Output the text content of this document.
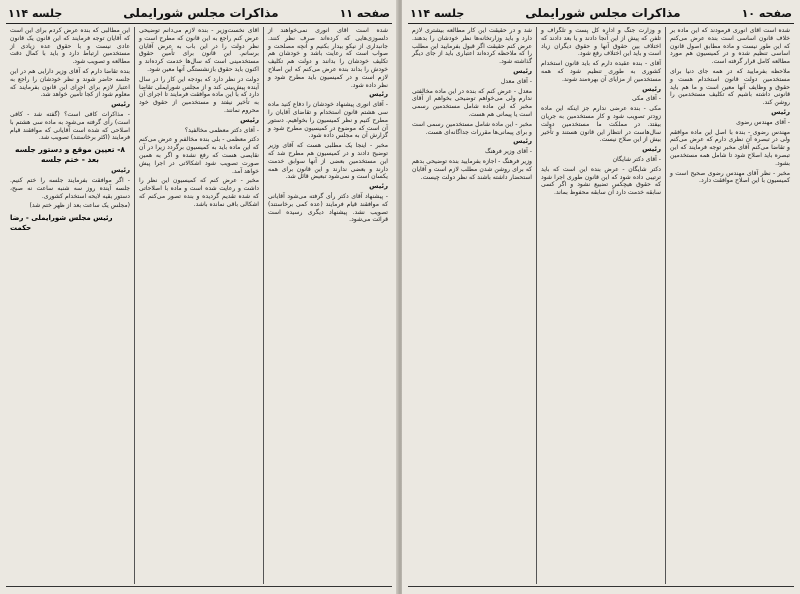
جلسه ۱۱۴	مذاکرات مجلس شورایملی	صفحه ۱۱

شده است آقای انوری نمی‌خواهند از دلسوزی‌هایی که کرده‌اند صرف نظر کنند. جانبداری از نیکو بیدار بکنیم و آنچه مصلحت و صواب است که رعایت باشد و خودشان هم تکلیف خودشان را بدانند و دولت هم تکلیف خودش را بداند بنده عرض می‌کنم که این اصلاح لازم است و در کمیسیون باید مطرح شود و نظر داده شود.

رئیس

- آقای انوری پیشنهاد خودشان را دفاع کنید ماده سی هشتم قانون استخدام و تقاضای آقایان را مطرح کنیم و نظر کمیسیون را بخواهیم. دستور آن است که موضوع در کمیسیون مطرح شود و گزارش آن به مجلس داده شود.

مخبر - اینجا یک مطلبی هست که آقای وزیر توضیح دادند و در کمیسیون هم مطرح شد که این مستخدمین بعضی از آنها سوابق خدمت دارند و بعضی ندارند و این قانون برای همه یکسان است و نمی‌شود تبعیض قائل شد.

رئیس

- پیشنهاد آقای دکتر رأی گرفته می‌شود آقایانی که موافقند قیام فرمایند (عده کمی برخاستند) تصویب نشد. پیشنهاد دیگری رسیده است قرائت می‌شود.

آقای نخست‌وزیر - بنده لازم می‌دانم توضیحی عرض کنم راجع به این قانون که مطرح است و نظر دولت را در این باب به عرض آقایان برسانم. این قانون برای تأمین حقوق مستخدمینی است که سال‌ها خدمت کرده‌اند و اکنون باید حقوق بازنشستگی آنها معین شود.

دولت در نظر دارد که بودجه این کار را در سال آینده پیش‌بینی کند و از مجلس شورایملی تقاضا دارد که با این ماده موافقت فرمایند تا اجرای آن به تأخیر نیفتد و مستخدمین از حقوق خود محروم نمانند.

رئیس

- آقای دکتر معظمی مخالفید؟

دکتر معظمی - بلی بنده مخالفم و عرض می‌کنم که این ماده باید به کمیسیون برگردد زیرا در آن نقایصی هست که رفع نشده و اگر به همین صورت تصویب شود اشکالاتی در اجرا پیش خواهد آمد.

مخبر - عرض کنم که کمیسیون این نظر را داشت و رعایت شده است و ماده با اصلاحاتی که شده تقدیم گردیده و بنده تصور می‌کنم که اشکالی باقی نمانده باشد.

این مطالبی که بنده عرض کردم برای این است که آقایان توجه فرمایند که این قانون یک قانون عادی نیست و با حقوق عده زیادی از مستخدمین ارتباط دارد و باید با کمال دقت مطالعه و تصویب شود.

بنده تقاضا دارم که آقای وزیر دارایی هم در این جلسه حاضر شوند و نظر خودشان را راجع به اعتبار لازم برای اجرای این قانون بفرمایند که معلوم شود از کجا تأمین خواهد شد.

رئیس

- مذاکرات کافی است؟ (گفته شد - کافی است) رأی گرفته می‌شود به ماده سی هشتم با اصلاحی که شده است آقایانی که موافقند قیام فرمایند (اکثر برخاستند) تصویب شد.

۸- تعیین موقع و دستور جلسه بعد - ختم جلسه

رئیس

- اگر موافقت بفرمایند جلسه را ختم کنیم. جلسه آینده روز سه شنبه ساعت نه صبح، دستور بقیه لایحه استخدام کشوری.

(مجلس یک ساعت بعد از ظهر ختم شد)

رئیس مجلس شورایملی - رضا حکمت
جلسه ۱۱۴	مذاکرات مجلس شورایملی	صفحه ۱۰

شده است آقای انوری فرمودند که این ماده بر خلاف قانون اساسی است بنده عرض می‌کنم که این طور نیست و ماده مطابق اصول قانون اساسی تنظیم شده و در کمیسیون هم مورد مطالعه کامل قرار گرفته است.

ملاحظه بفرمایید که در همه جای دنیا برای مستخدمین دولت قانون استخدام هست و حقوق و وظایف آنها معین است و ما هم باید قانونی داشته باشیم که تکلیف مستخدمین را روشن کند.

رئیس

- آقای مهندس رضوی

مهندس رضوی - بنده با اصل این ماده موافقم ولی در تبصره آن نظری دارم که عرض می‌کنم و تقاضا می‌کنم آقای مخبر توجه فرمایند که این تبصره باید اصلاح شود تا شامل همه مستخدمین بشود.

مخبر - نظر آقای مهندس رضوی صحیح است و کمیسیون با این اصلاح موافقت دارد.

و وزارت جنگ و اداره کل پست و تلگراف و تلفن که پیش از این آنجا دادند و یا بعد دادند که اختلاف بین حقوق آنها و حقوق دیگران زیاد است و باید این اختلاف رفع شود.

آقای - بنده عقیده دارم که باید قانون استخدام کشوری به طوری تنظیم شود که همه مستخدمین از مزایای آن بهره‌مند شوند.

رئیس

- آقای مکی

مکی - بنده عرضی ندارم جز اینکه این ماده زودتر تصویب شود و کار مستخدمین به جریان بیفتد. در مملکت ما مستخدمین دولت سال‌هاست در انتظار این قانون هستند و تأخیر بیش از این صلاح نیست.

رئیس

- آقای دکتر شایگان

دکتر شایگان - عرض بنده این است که باید ترتیبی داده شود که این قانون طوری اجرا شود که حقوق هیچکس تضییع نشود و اگر کسی سابقه خدمت دارد آن سابقه محفوظ بماند.

شد و در حقیقت این کار مطالعه بیشتری لازم دارد و باید وزارتخانه‌ها نظر خودشان را بدهند. عرض کنم حقیقت اگر قبول بفرمایید این مطلب را که ملاحظه کرده‌اند اعتباری باید از جای دیگر گذاشته شود.

رئیس

- آقای معدل

معدل - عرض کنم که بنده در این ماده مخالفتی ندارم ولی می‌خواهم توضیحی بخواهم از آقای مخبر که این ماده شامل مستخدمین رسمی است یا پیمانی هم هست.

مخبر - این ماده شامل مستخدمین رسمی است و برای پیمانی‌ها مقررات جداگانه‌ای هست.

رئیس

- آقای وزیر فرهنگ

وزیر فرهنگ - اجازه بفرمایید بنده توضیحی بدهم که برای روشن شدن مطلب لازم است و آقایان استحضار داشته باشند که نظر دولت چیست.
